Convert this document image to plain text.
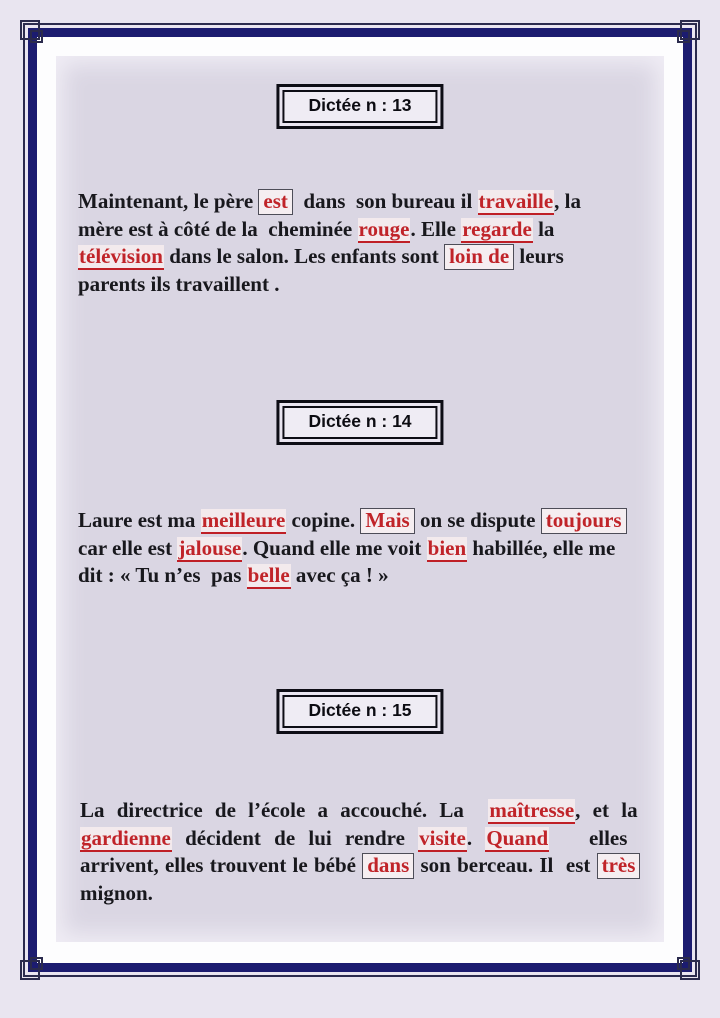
Dictée n : 13

Maintenant, le père est  dans  son bureau il travaille, la
mère est à côté de la  cheminée rouge. Elle regarde la
télévision dans le salon. Les enfants sont loin de leurs
parents ils travaillent .

Dictée n : 14

Laure est ma meilleure copine. Mais on se dispute toujours
car elle est jalouse. Quand elle me voit bien habillée, elle me
dit : « Tu n’es  pas belle avec ça ! »

Dictée n : 15

La directrice de l’école a accouché. La  maîtresse, et la
gardienne décident de lui rendre visite. Quand   elles
arrivent, elles trouvent le bébé dans son berceau. Il  est très
mignon.
